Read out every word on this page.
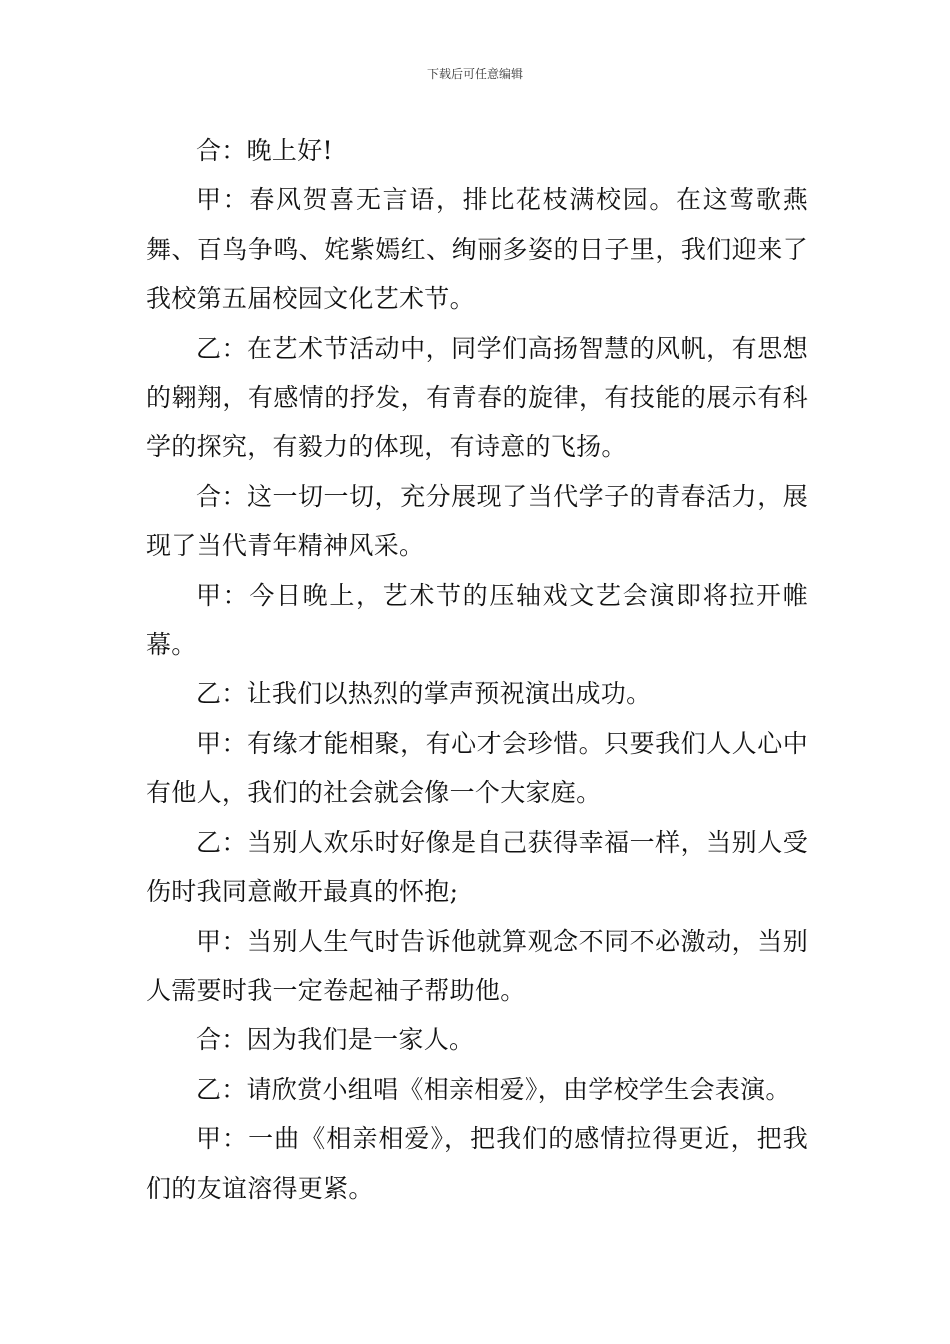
下载后可任意编辑

合：晚上好!

甲：春风贺喜无言语，排比花枝满校园。在这莺歌燕舞、百鸟争鸣、姹紫嫣红、绚丽多姿的日子里，我们迎来了我校第五届校园文化艺术节。

乙：在艺术节活动中，同学们高扬智慧的风帆，有思想的翱翔，有感情的抒发，有青春的旋律，有技能的展示有科学的探究，有毅力的体现，有诗意的飞扬。

合：这一切一切，充分展现了当代学子的青春活力，展现了当代青年精神风采。

甲：今日晚上，艺术节的压轴戏文艺会演即将拉开帷幕。

乙：让我们以热烈的掌声预祝演出成功。

甲：有缘才能相聚，有心才会珍惜。只要我们人人心中有他人，我们的社会就会像一个大家庭。

乙：当别人欢乐时好像是自己获得幸福一样，当别人受伤时我同意敞开最真的怀抱;

甲：当别人生气时告诉他就算观念不同不必激动，当别人需要时我一定卷起袖子帮助他。

合：因为我们是一家人。

乙：请欣赏小组唱《相亲相爱》，由学校学生会表演。

甲：一曲《相亲相爱》，把我们的感情拉得更近，把我们的友谊溶得更紧。
